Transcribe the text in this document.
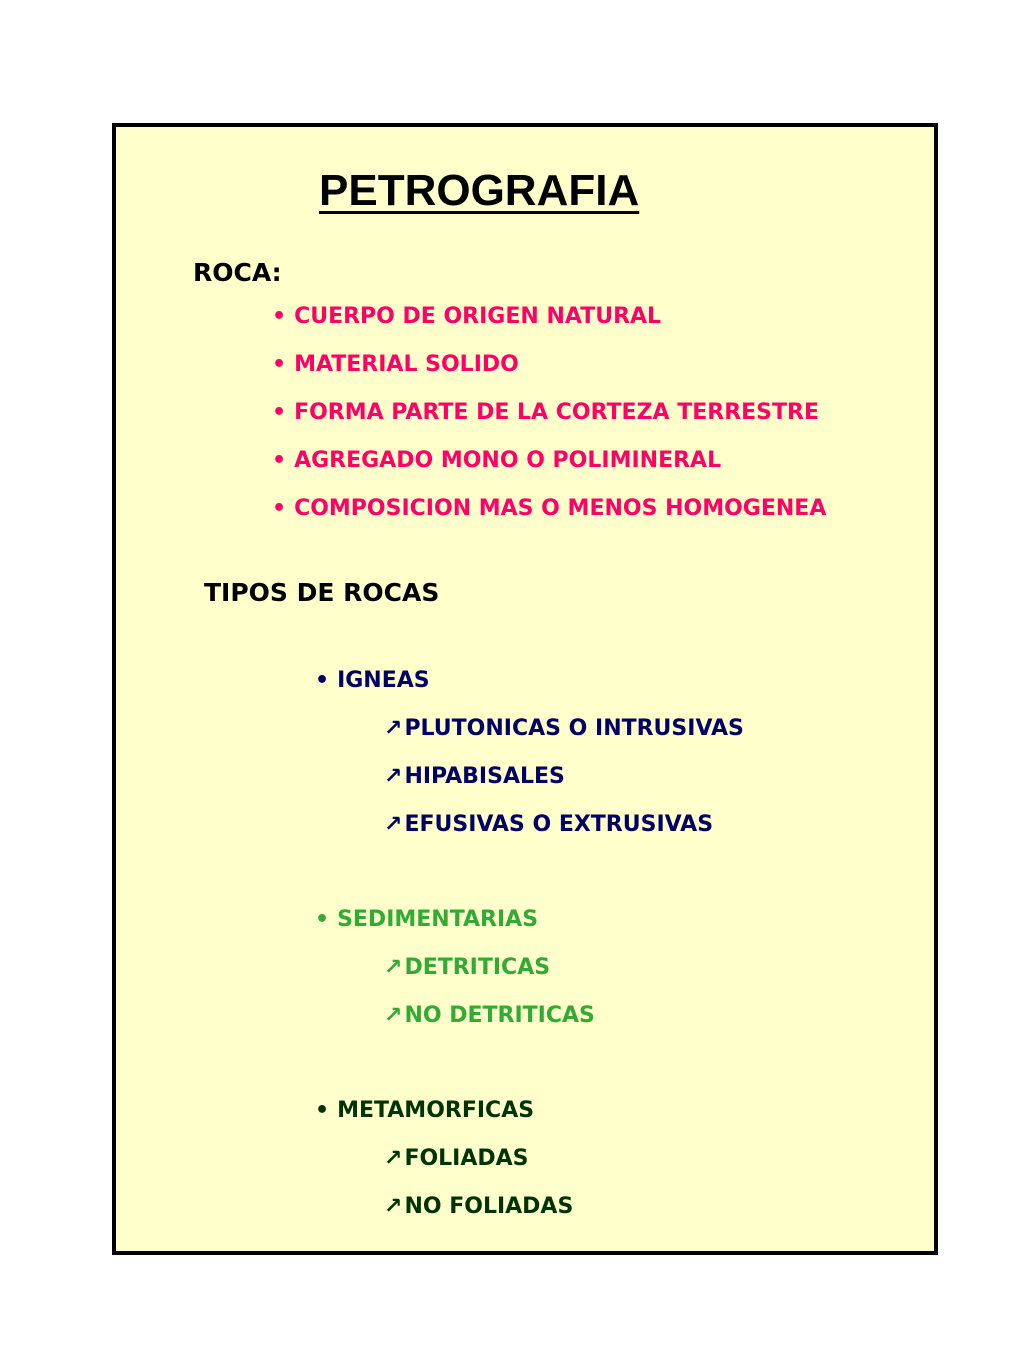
PETROGRAFIA
ROCA:
• CUERPO DE ORIGEN NATURAL
• MATERIAL SOLIDO
• FORMA PARTE DE LA CORTEZA TERRESTRE
• AGREGADO MONO O POLIMINERAL
• COMPOSICION MAS O MENOS HOMOGENEA
TIPOS DE ROCAS
• IGNEAS
↗PLUTONICAS O INTRUSIVAS
↗HIPABISALES
↗EFUSIVAS O EXTRUSIVAS
• SEDIMENTARIAS
↗DETRITICAS
↗NO DETRITICAS
• METAMORFICAS
↗FOLIADAS
↗NO FOLIADAS
